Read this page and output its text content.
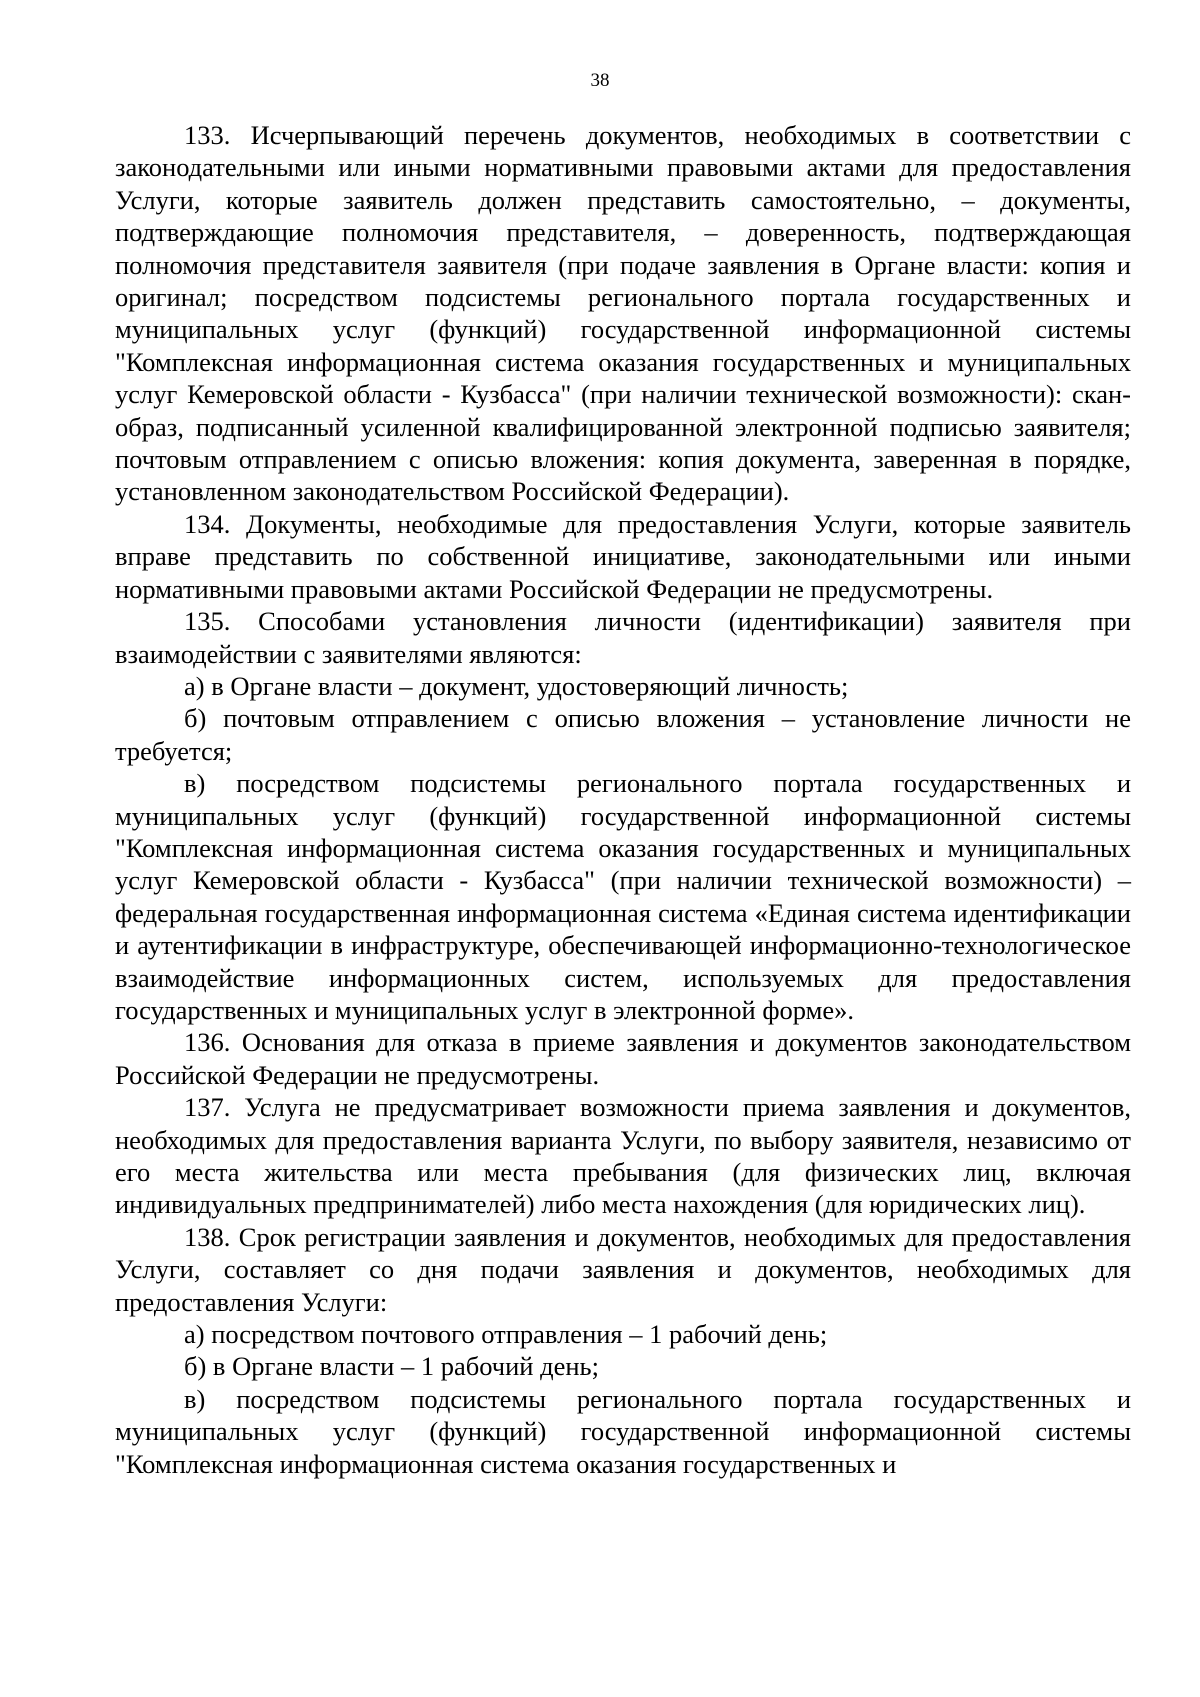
38

133. Исчерпывающий перечень документов, необходимых в соответствии с законодательными или иными нормативными правовыми актами для предоставления Услуги, которые заявитель должен представить самостоятельно, – документы, подтверждающие полномочия представителя, – доверенность, подтверждающая полномочия представителя заявителя (при подаче заявления в Органе власти: копия и оригинал; посредством подсистемы регионального портала государственных и муниципальных услуг (функций) государственной информационной системы "Комплексная информационная система оказания государственных и муниципальных услуг Кемеровской области - Кузбасса" (при наличии технической возможности): скан-образ, подписанный усиленной квалифицированной электронной подписью заявителя; почтовым отправлением с описью вложения: копия документа, заверенная в порядке, установленном законодательством Российской Федерации).

134. Документы, необходимые для предоставления Услуги, которые заявитель вправе представить по собственной инициативе, законодательными или иными нормативными правовыми актами Российской Федерации не предусмотрены.

135. Способами установления личности (идентификации) заявителя при взаимодействии с заявителями являются:

а) в Органе власти – документ, удостоверяющий личность;

б) почтовым отправлением с описью вложения – установление личности не требуется;

в) посредством подсистемы регионального портала государственных и муниципальных услуг (функций) государственной информационной системы "Комплексная информационная система оказания государственных и муниципальных услуг Кемеровской области - Кузбасса" (при наличии технической возможности) – федеральная государственная информационная система «Единая система идентификации и аутентификации в инфраструктуре, обеспечивающей информационно-технологическое взаимодействие информационных систем, используемых для предоставления государственных и муниципальных услуг в электронной форме».

136. Основания для отказа в приеме заявления и документов законодательством Российской Федерации не предусмотрены.

137. Услуга не предусматривает возможности приема заявления и документов, необходимых для предоставления варианта Услуги, по выбору заявителя, независимо от его места жительства или места пребывания (для физических лиц, включая индивидуальных предпринимателей) либо места нахождения (для юридических лиц).

138. Срок регистрации заявления и документов, необходимых для предоставления Услуги, составляет со дня подачи заявления и документов, необходимых для предоставления Услуги:

а) посредством почтового отправления – 1 рабочий день;

б) в Органе власти – 1 рабочий день;

в) посредством подсистемы регионального портала государственных и муниципальных услуг (функций) государственной информационной системы "Комплексная информационная система оказания государственных и
